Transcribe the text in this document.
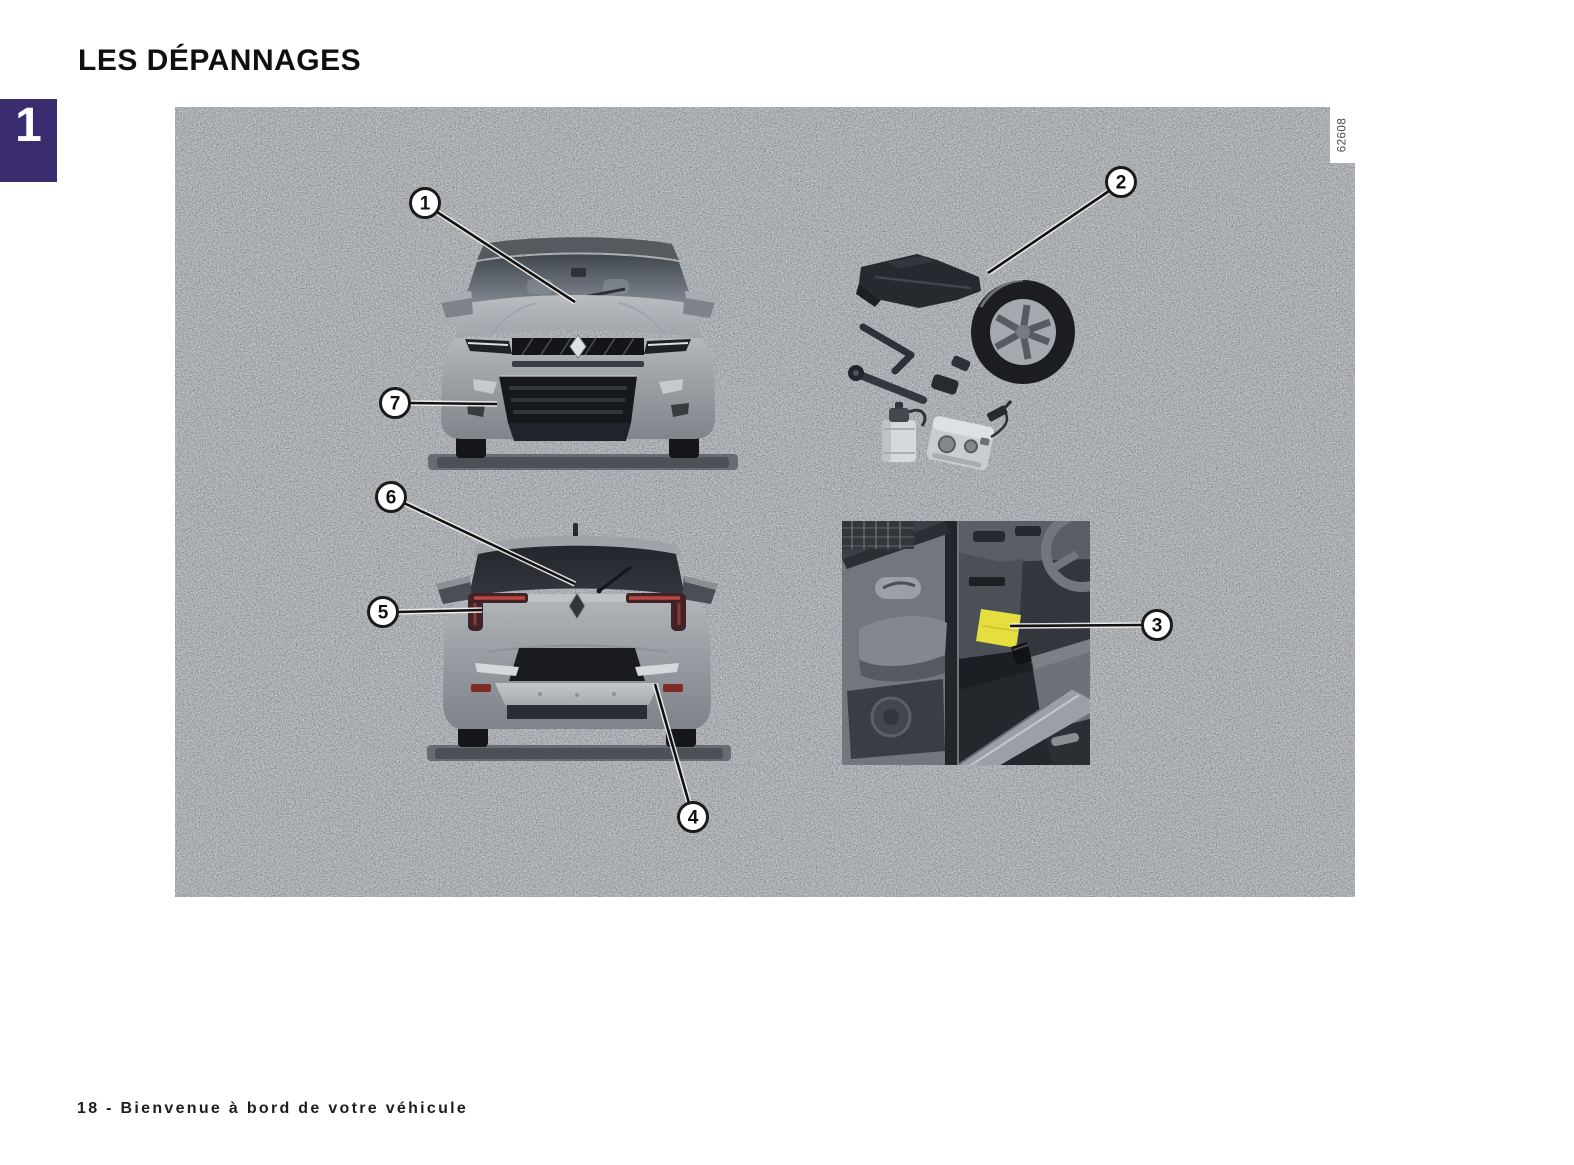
LES DÉPANNAGES
1	62608
1
2
3
4
5
6
7
18 - Bienvenue à bord de votre véhicule
